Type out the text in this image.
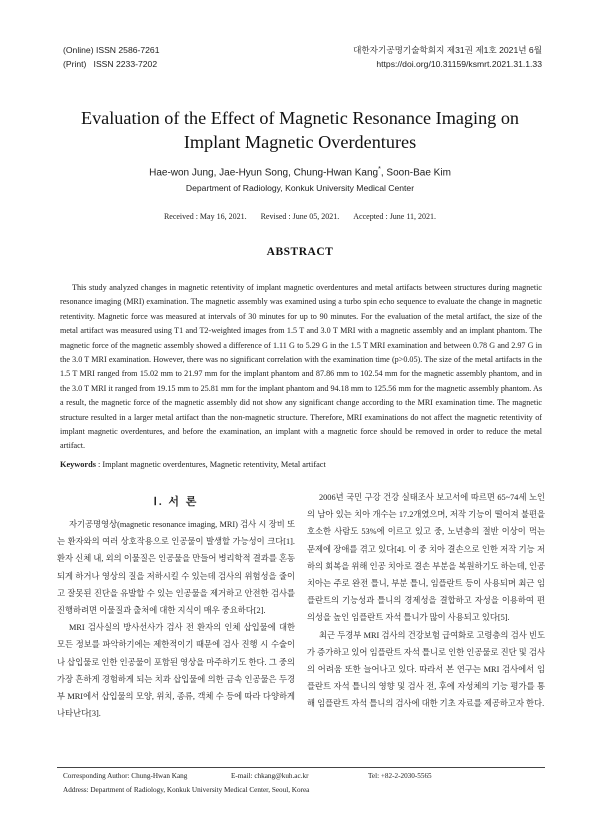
(Online) ISSN 2586-7261
(Print)   ISSN 2233-7202
대한자기공명기술학회지 제31권 제1호 2021년 6월
https://doi.org/10.31159/ksmrt.2021.31.1.33
Evaluation of the Effect of Magnetic Resonance Imaging on
Implant Magnetic Overdentures
Hae-won Jung, Jae-Hyun Song, Chung-Hwan Kang*, Soon-Bae Kim
Department of Radiology, Konkuk University Medical Center
Received : May 16, 2021. Revised : June 05, 2021. Accepted : June 11, 2021.
ABSTRACT
This study analyzed changes in magnetic retentivity of implant magnetic overdentures and metal artifacts between structures during magnetic resonance imaging (MRI) examination. The magnetic assembly was examined using a turbo spin echo sequence to evaluate the change in magnetic retentivity. Magnetic force was measured at intervals of 30 minutes for up to 90 minutes. For the evaluation of the metal artifact, the size of the metal artifact was measured using T1 and T2-weighted images from 1.5 T and 3.0 T MRI with a magnetic assembly and an implant phantom. The magnetic force of the magnetic assembly showed a difference of 1.11 G to 5.29 G in the 1.5 T MRI examination and between 0.78 G and 2.97 G in the 3.0 T MRI examination. However, there was no significant correlation with the examination time (p>0.05). The size of the metal artifacts in the 1.5 T MRI ranged from 15.02 mm to 21.97 mm for the implant phantom and 87.86 mm to 102.54 mm for the magnetic assembly phantom, and in the 3.0 T MRI it ranged from 19.15 mm to 25.81 mm for the implant phantom and 94.18 mm to 125.56 mm for the magnetic assembly phantom. As a result, the magnetic force of the magnetic assembly did not show any significant change according to the MRI examination time. The magnetic structure resulted in a larger metal artifact than the non-magnetic structure. Therefore, MRI examinations do not affect the magnetic retentivity of implant magnetic overdentures, and before the examination, an implant with a magnetic force should be removed in order to reduce the metal artifact.
Keywords : Implant magnetic overdentures, Magnetic retentivity, Metal artifact
Ⅰ. 서 론

자기공명영상(magnetic resonance imaging, MRI) 검사 시 장비 또는 환자와의 여러 상호작용으로 인공물이 발생할 가능성이 크다[1]. 환자 신체 내, 외의 이물질은 인공물을 만들어 병리학적 결과를 혼동되게 하거나 영상의 질을 저하시킬 수 있는데 검사의 위험성을 줄이고 잘못된 진단을 유발할 수 있는 인공물을 제거하고 안전한 검사를 진행하려면 이물질과 출처에 대한 지식이 매우 중요하다[2].

MRI 검사실의 방사선사가 검사 전 환자의 인체 삽입물에 대한 모든 정보를 파악하기에는 제한적이기 때문에 검사 진행 시 수술이나 삽입물로 인한 인공물이 포함된 영상을 마주하기도 한다. 그 중의 가장 흔하게 경험하게 되는 치과 삽입물에 의한 금속 인공물은 두경부 MRI에서 삽입물의 모양, 위치, 종류, 객체 수 등에 따라 다양하게 나타난다[3].

2006년 국민 구강 건강 실태조사 보고서에 따르면 65~74세 노인의 남아 있는 치아 개수는 17.2개였으며, 저작 기능이 떨어져 불편을 호소한 사람도 53%에 이르고 있고 중, 노년층의 절반 이상이 먹는 문제에 장애를 겪고 있다[4]. 이 중 치아 결손으로 인한 저작 기능 저하의 회복을 위해 인공 치아로 결손 부분을 복원하기도 하는데, 인공 치아는 주로 완전 틀니, 부분 틀니, 임플란트 등이 사용되며 최근 임플란트의 기능성과 틀니의 경제성을 결합하고 자성을 이용하여 편의성을 높인 임플란트 자석 틀니가 많이 사용되고 있다[5].

최근 두경부 MRI 검사의 건강보험 급여화로 고령층의 검사 빈도가 증가하고 있어 임플란트 자석 틀니로 인한 인공물로 진단 및 검사의 어려움 또한 늘어나고 있다. 따라서 본 연구는 MRI 검사에서 임플란트 자석 틀니의 영향 및 검사 전, 후에 자성체의 기능 평가를 통해 임플란트 자석 틀니의 검사에 대한 기초 자료를 제공하고자 한다.

Corresponding Author: Chung-Hwan Kang	E-mail: chkang@kuh.ac.kr	Tel: +82-2-2030-5565
Address: Department of Radiology, Konkuk University Medical Center, Seoul, Korea
